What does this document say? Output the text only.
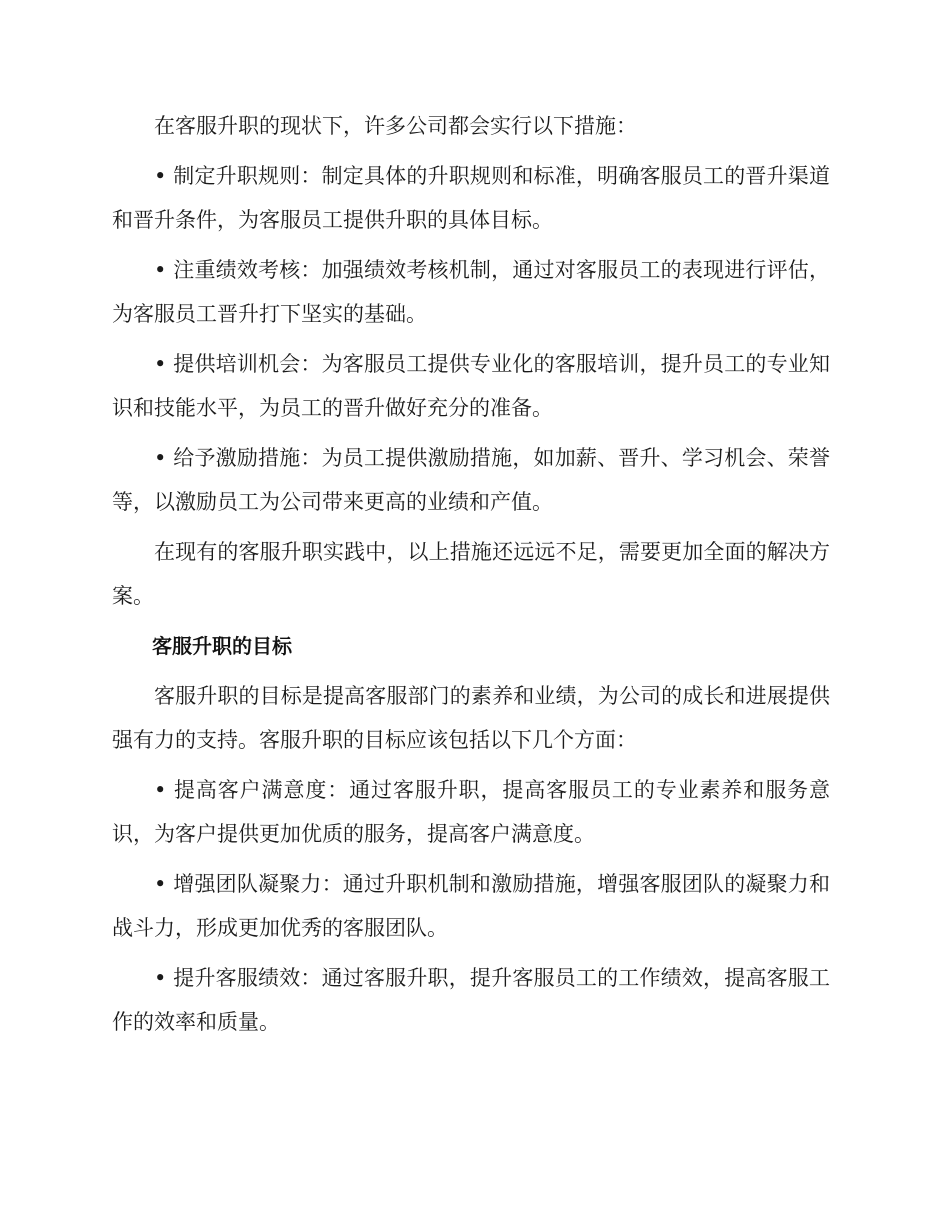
在客服升职的现状下，许多公司都会实行以下措施：

• 制定升职规则：制定具体的升职规则和标准，明确客服员工的晋升渠道和晋升条件，为客服员工提供升职的具体目标。

• 注重绩效考核：加强绩效考核机制，通过对客服员工的表现进行评估，为客服员工晋升打下坚实的基础。

• 提供培训机会：为客服员工提供专业化的客服培训，提升员工的专业知识和技能水平，为员工的晋升做好充分的准备。

• 给予激励措施：为员工提供激励措施，如加薪、晋升、学习机会、荣誉等，以激励员工为公司带来更高的业绩和产值。

在现有的客服升职实践中，以上措施还远远不足，需要更加全面的解决方案。

客服升职的目标

客服升职的目标是提高客服部门的素养和业绩，为公司的成长和进展提供强有力的支持。客服升职的目标应该包括以下几个方面：

• 提高客户满意度：通过客服升职，提高客服员工的专业素养和服务意识，为客户提供更加优质的服务，提高客户满意度。

• 增强团队凝聚力：通过升职机制和激励措施，增强客服团队的凝聚力和战斗力，形成更加优秀的客服团队。

• 提升客服绩效：通过客服升职，提升客服员工的工作绩效，提高客服工作的效率和质量。
